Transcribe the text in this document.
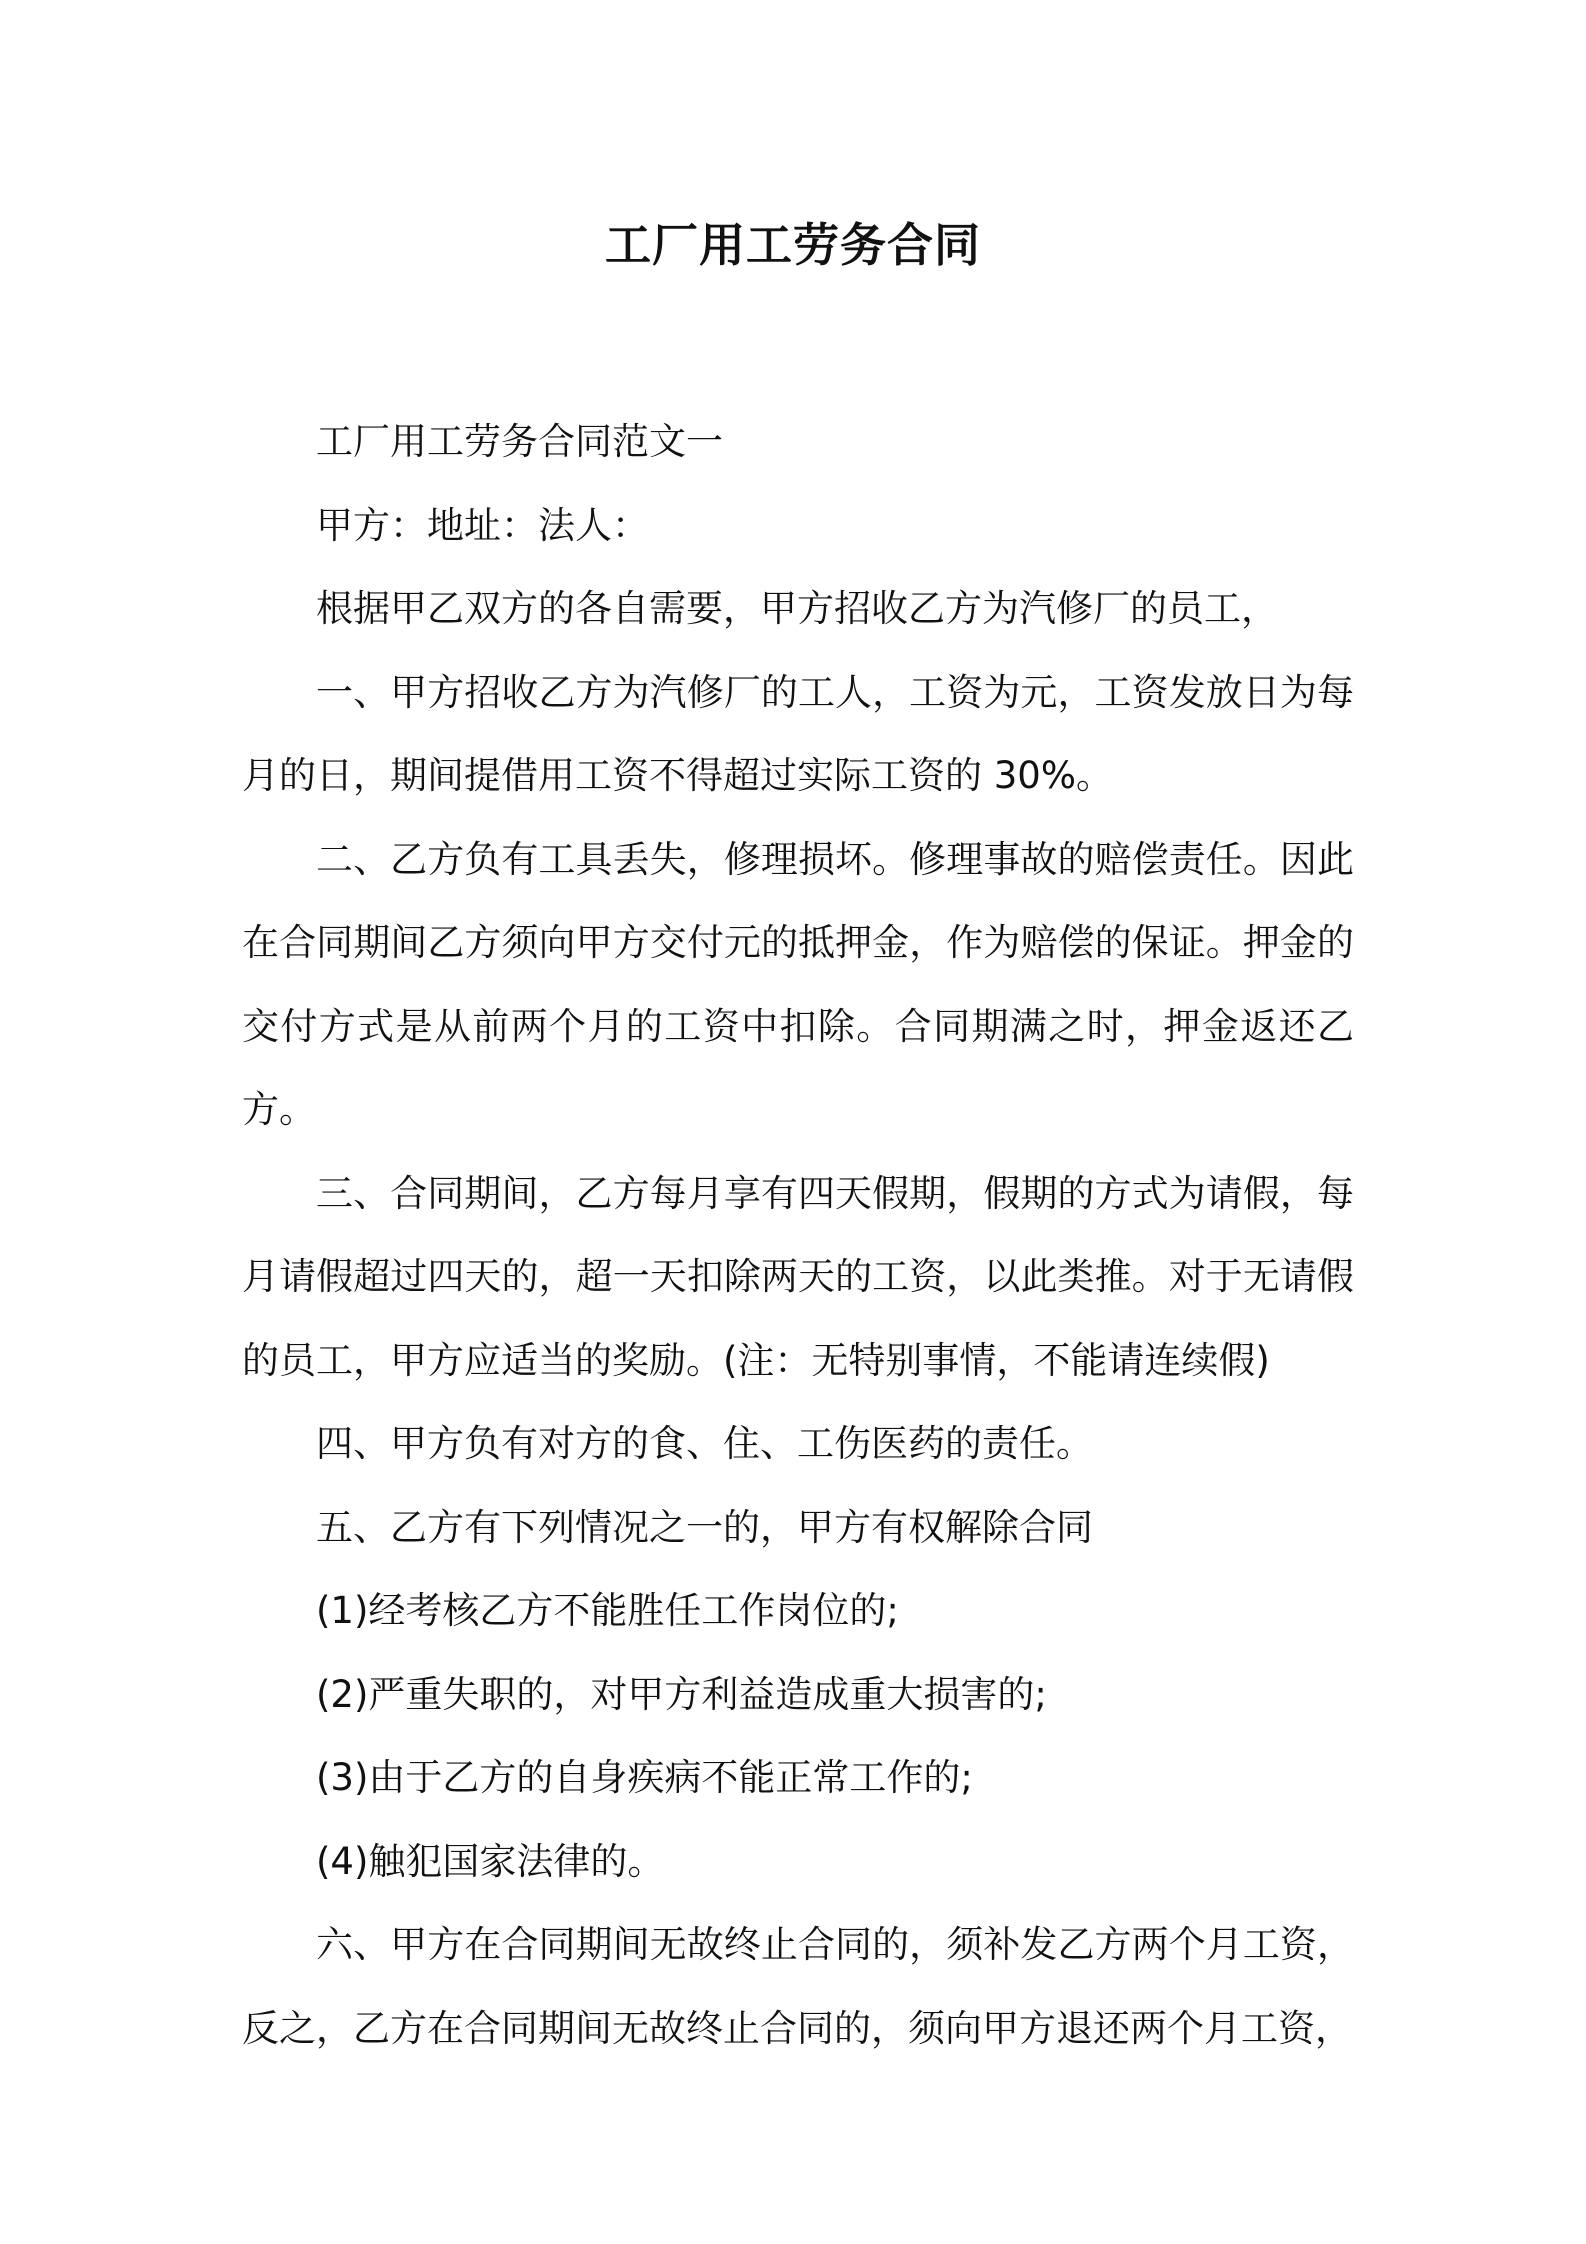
工厂用工劳务合同

工厂用工劳务合同范文一

甲方：地址：法人：

根据甲乙双方的各自需要，甲方招收乙方为汽修厂的员工，

一、甲方招收乙方为汽修厂的工人，工资为元，工资发放日为每月的日，期间提借用工资不得超过实际工资的 30%。

二、乙方负有工具丢失，修理损坏。修理事故的赔偿责任。因此在合同期间乙方须向甲方交付元的抵押金，作为赔偿的保证。押金的交付方式是从前两个月的工资中扣除。合同期满之时，押金返还乙方。

三、合同期间，乙方每月享有四天假期，假期的方式为请假，每月请假超过四天的，超一天扣除两天的工资，以此类推。对于无请假的员工，甲方应适当的奖励。(注：无特别事情，不能请连续假)

四、甲方负有对方的食、住、工伤医药的责任。

五、乙方有下列情况之一的，甲方有权解除合同

(1)经考核乙方不能胜任工作岗位的;

(2)严重失职的，对甲方利益造成重大损害的;

(3)由于乙方的自身疾病不能正常工作的;

(4)触犯国家法律的。

六、甲方在合同期间无故终止合同的，须补发乙方两个月工资，反之，乙方在合同期间无故终止合同的，须向甲方退还两个月工资，
